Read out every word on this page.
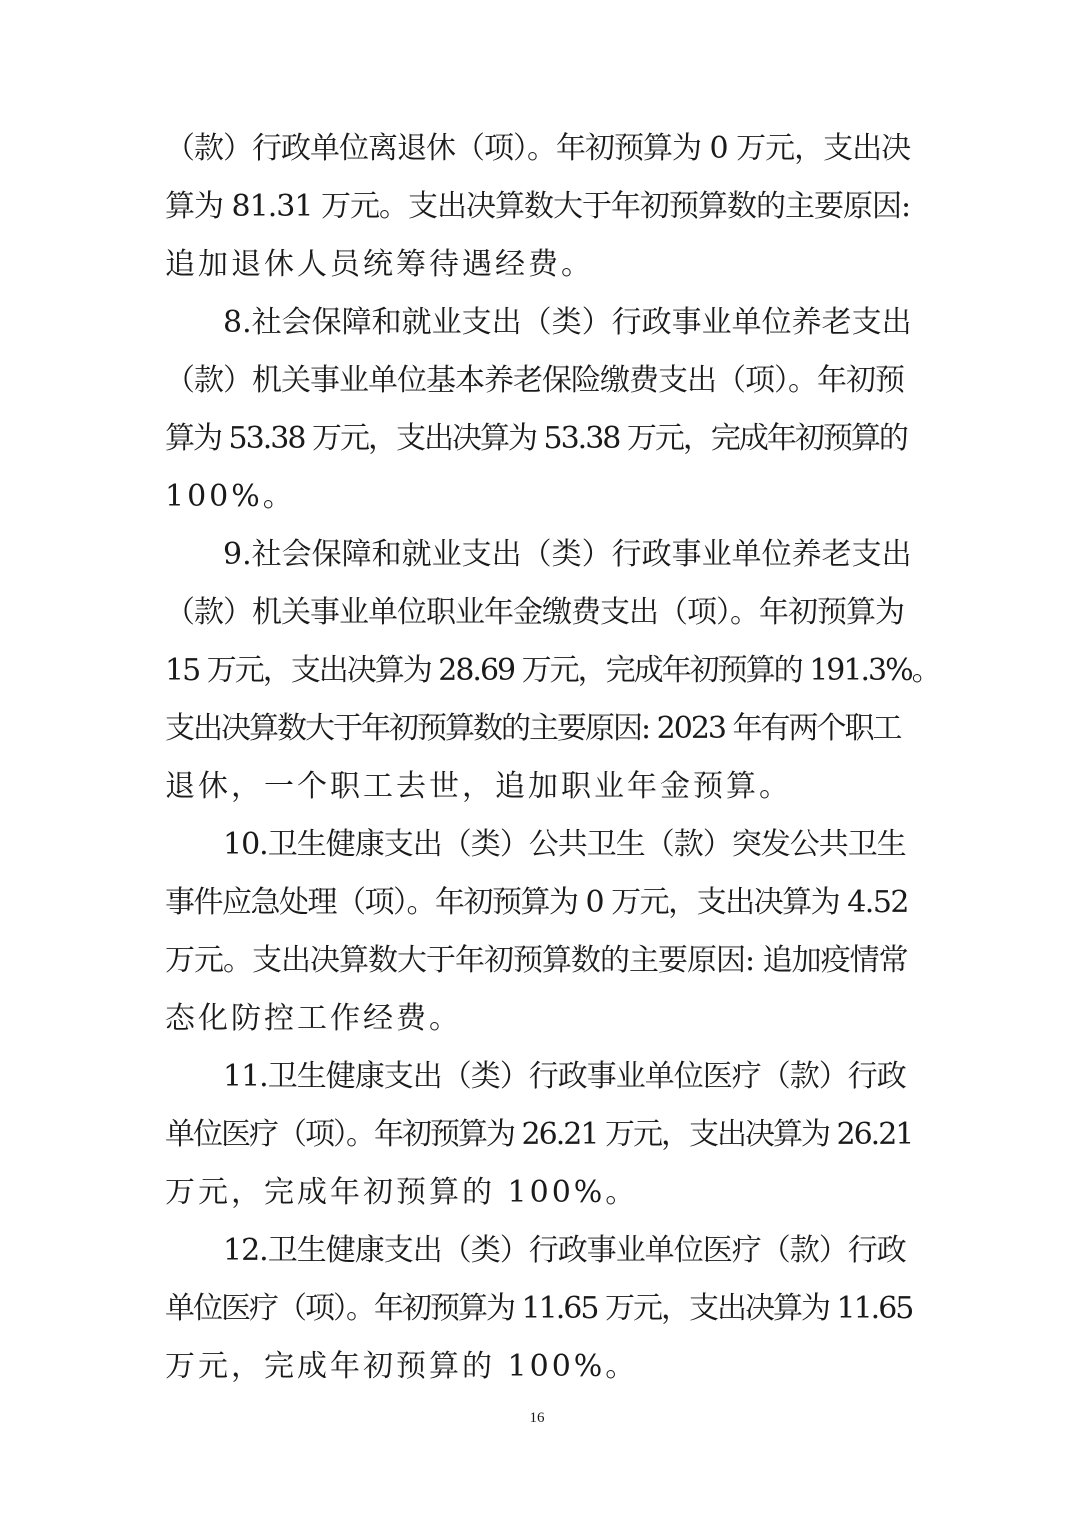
（款）行政单位离退休（项）。年初预算为 0 万元，支出决
算为 81.31 万元。支出决算数大于年初预算数的主要原因:
追加退休人员统筹待遇经费。
8.社会保障和就业支出（类）行政事业单位养老支出
（款）机关事业单位基本养老保险缴费支出（项）。年初预
算为 53.38 万元，支出决算为 53.38 万元，完成年初预算的
100%。
9.社会保障和就业支出（类）行政事业单位养老支出
（款）机关事业单位职业年金缴费支出（项）。年初预算为
15 万元，支出决算为 28.69 万元，完成年初预算的 191.3%。
支出决算数大于年初预算数的主要原因: 2023 年有两个职工
退休，一个职工去世，追加职业年金预算。
10.卫生健康支出（类）公共卫生（款）突发公共卫生
事件应急处理（项）。年初预算为 0 万元，支出决算为 4.52
万元。支出决算数大于年初预算数的主要原因: 追加疫情常
态化防控工作经费。
11.卫生健康支出（类）行政事业单位医疗（款）行政
单位医疗（项）。年初预算为 26.21 万元，支出决算为 26.21
万元，完成年初预算的 100%。
12.卫生健康支出（类）行政事业单位医疗（款）行政
单位医疗（项）。年初预算为 11.65 万元，支出决算为 11.65
万元，完成年初预算的 100%。
16
